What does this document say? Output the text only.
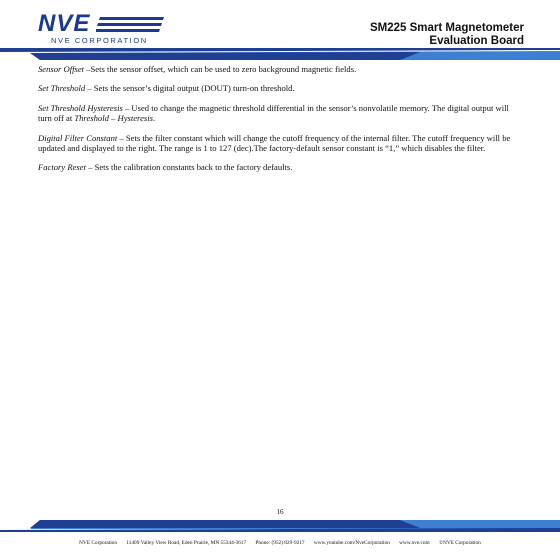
NVE
NVE CORPORATION
SM225 Smart Magnetometer
Evaluation Board

Sensor Offset –Sets the sensor offset, which can be used to zero background magnetic fields.

Set Threshold – Sets the sensor’s digital output (DOUT) turn-on threshold.

Set Threshold Hysteresis – Used to change the magnetic threshold differential in the sensor’s nonvolatile memory. The digital output will turn off at Threshold – Hysteresis.

Digital Filter Constant – Sets the filter constant which will change the cutoff frequency of the internal filter. The cutoff frequency will be updated and displayed to the right. The range is 1 to 127 (dec).The factory-default sensor constant is “1,” which disables the filter.

Factory Reset – Sets the calibration constants back to the factory defaults.

16
NVE Corporation 11409 Valley View Road, Eden Prairie, MN 55344-3617 Phone: (952) 829-9217 www.youtube.com/NveCorporation www.nve.com ©NVE Corporation
